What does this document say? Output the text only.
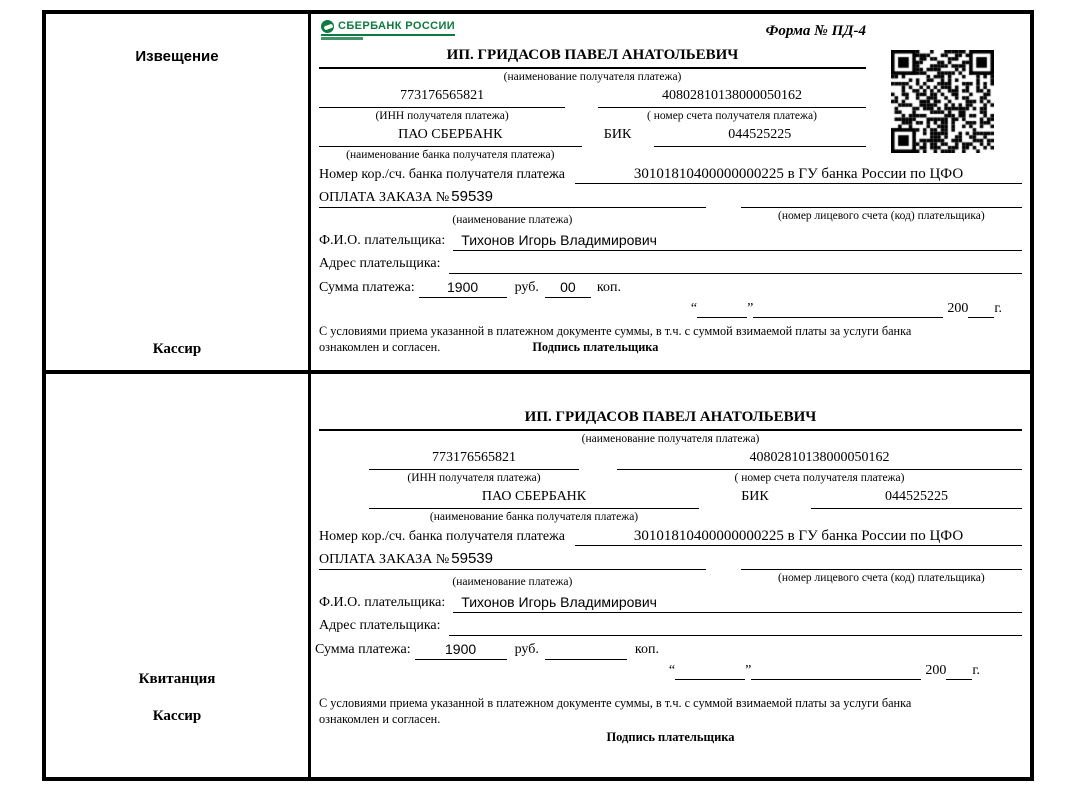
Извещение
Кассир
СБЕРБАНК РОССИИ	Форма № ПД-4
ИП. ГРИДАСОВ ПАВЕЛ АНАТОЛЬЕВИЧ
(наименование получателя платежа)
773176565821	40802810138000050162
(ИНН получателя платежа)	( номер счета получателя платежа)
ПАО СБЕРБАНК	БИК	044525225
(наименование банка получателя платежа)
Номер кор./сч. банка получателя платежа	30101810400000000225 в ГУ банка России по ЦФО
ОПЛАТА ЗАКАЗА № 59539
(наименование платежа)	(номер лицевого счета (код) плательщика)
Ф.И.О. плательщика:	Тихонов Игорь Владимирович
Адрес плательщика:
Сумма платежа:	1900	руб.	00	коп.
“	”	200 г.
С условиями приема указанной в платежном документе суммы, в т.ч. с суммой взимаемой платы за услуги банка
ознакомлен и согласен.	Подпись плательщика
Квитанция
Кассир
ИП. ГРИДАСОВ ПАВЕЛ АНАТОЛЬЕВИЧ
(наименование получателя платежа)
773176565821	40802810138000050162
(ИНН получателя платежа)	( номер счета получателя платежа)
ПАО СБЕРБАНК	БИК	044525225
(наименование банка получателя платежа)
Номер кор./сч. банка получателя платежа	30101810400000000225 в ГУ банка России по ЦФО
ОПЛАТА ЗАКАЗА № 59539
(наименование платежа)	(номер лицевого счета (код) плательщика)
Ф.И.О. плательщика:	Тихонов Игорь Владимирович
Адрес плательщика:
Сумма платежа:	1900	руб.	коп.
“	”	200 г.
С условиями приема указанной в платежном документе суммы, в т.ч. с суммой взимаемой платы за услуги банка
ознакомлен и согласен.
Подпись плательщика
